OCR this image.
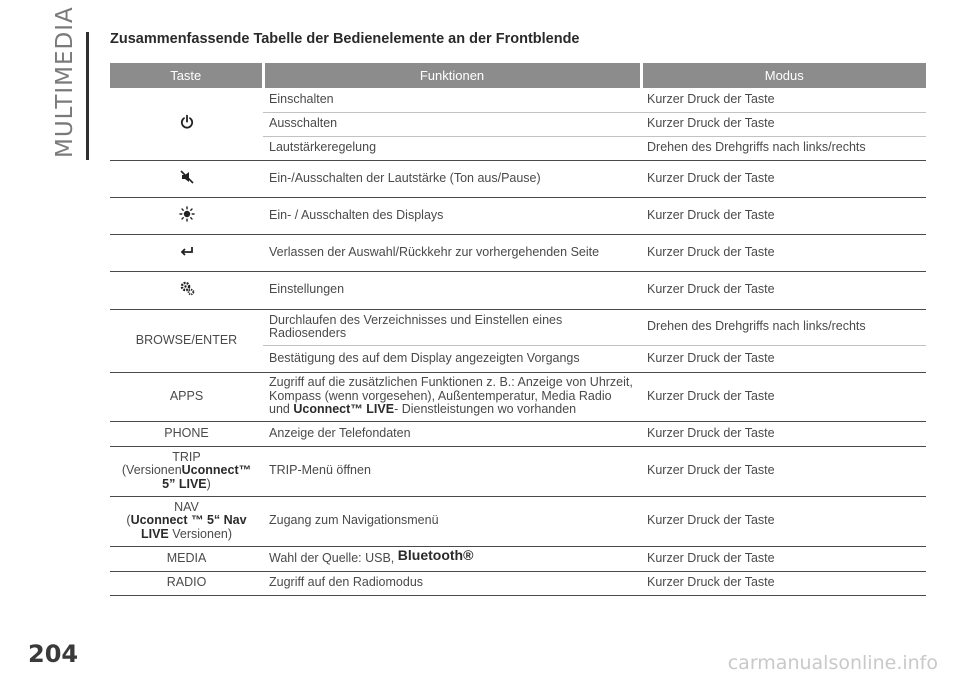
MULTIMEDIA
204	carmanualsonline.info
Zusammenfassende Tabelle der Bedienelemente an der Frontblende
Taste	Funktionen	Modus
	Einschalten	Kurzer Druck der Taste
	Ausschalten	Kurzer Druck der Taste
	Lautstärkeregelung	Drehen des Drehgriffs nach links/rechts
	Ein-/Ausschalten der Lautstärke (Ton aus/Pause)	Kurzer Druck der Taste
	Ein- / Ausschalten des Displays	Kurzer Druck der Taste
	Verlassen der Auswahl/Rückkehr zur vorhergehenden Seite	Kurzer Druck der Taste
	Einstellungen	Kurzer Druck der Taste
BROWSE/ENTER	Durchlaufen des Verzeichnisses und Einstellen eines Radiosenders	Drehen des Drehgriffs nach links/rechts
	Bestätigung des auf dem Display angezeigten Vorgangs	Kurzer Druck der Taste
APPS	Zugriff auf die zusätzlichen Funktionen z. B.: Anzeige von Uhrzeit, Kompass (wenn vorgesehen), Außentemperatur, Media Radio und Uconnect™ LIVE- Dienstleistungen wo vorhanden	Kurzer Druck der Taste
PHONE	Anzeige der Telefondaten	Kurzer Druck der Taste

TRIP
(VersionenUconnect™ 5” LIVE)	TRIP-Menü öffnen	Kurzer Druck der Taste

NAV
(Uconnect ™ 5“ Nav LIVE Versionen)	Zugang zum Navigationsmenü	Kurzer Druck der Taste
MEDIA	Wahl der Quelle: USB, Bluetooth®	Kurzer Druck der Taste
RADIO	Zugriff auf den Radiomodus	Kurzer Druck der Taste
